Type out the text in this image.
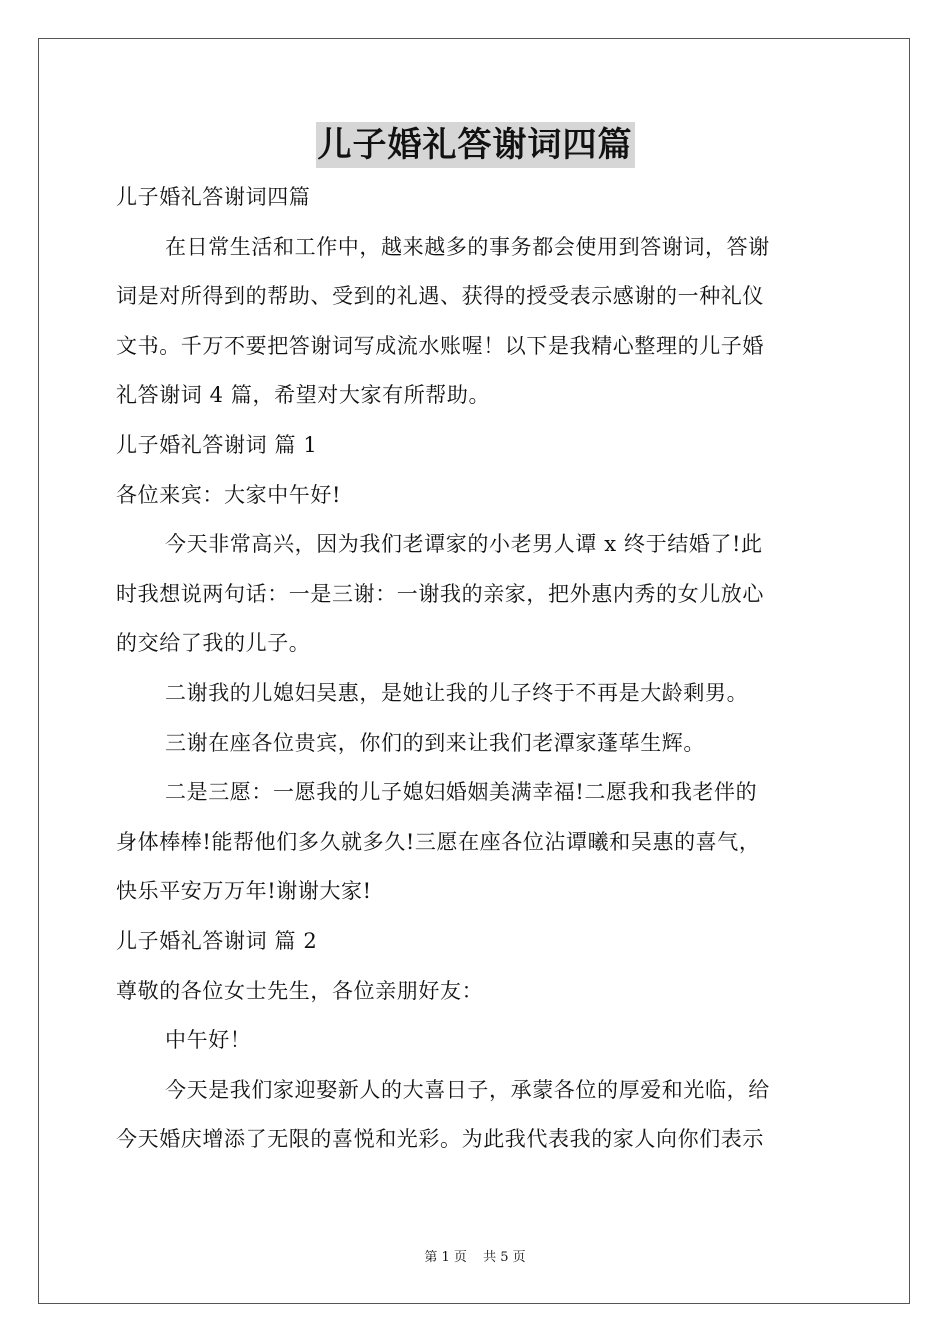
儿子婚礼答谢词四篇
儿子婚礼答谢词四篇
在日常生活和工作中，越来越多的事务都会使用到答谢词，答谢
词是对所得到的帮助、受到的礼遇、获得的授受表示感谢的一种礼仪
文书。千万不要把答谢词写成流水账喔！以下是我精心整理的儿子婚
礼答谢词 4 篇，希望对大家有所帮助。
儿子婚礼答谢词 篇 1
各位来宾：大家中午好!
今天非常高兴，因为我们老谭家的小老男人谭 x 终于结婚了!此
时我想说两句话：一是三谢：一谢我的亲家，把外惠内秀的女儿放心
的交给了我的儿子。
二谢我的儿媳妇吴惠，是她让我的儿子终于不再是大龄剩男。
三谢在座各位贵宾，你们的到来让我们老潭家蓬荜生辉。
二是三愿：一愿我的儿子媳妇婚姻美满幸福!二愿我和我老伴的
身体棒棒!能帮他们多久就多久!三愿在座各位沾谭曦和吴惠的喜气，
快乐平安万万年!谢谢大家!
儿子婚礼答谢词 篇 2
尊敬的各位女士先生，各位亲朋好友：
中午好！
今天是我们家迎娶新人的大喜日子，承蒙各位的厚爱和光临，给
今天婚庆增添了无限的喜悦和光彩。为此我代表我的家人向你们表示
第 1 页 共 5 页
